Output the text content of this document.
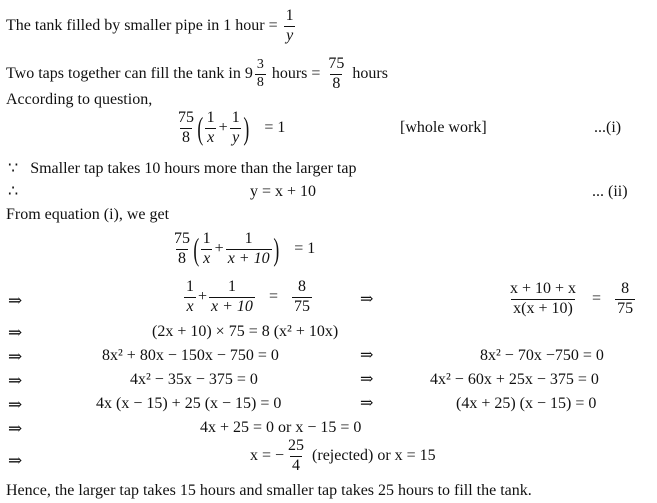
The tank filled by smaller pipe in 1 hour = $\frac{1}{y}$
Two taps together can fill the tank in $9 \frac{3}{8}$ hours = $\frac{75}{8}$ hours
According to question,
$\frac{75}{8}$ ( $\frac{1}{x} + \frac{1}{y}$ ) = 1	[whole work]	...(i)
∵ Smaller tap takes 10 hours more than the larger tap
∴	y = x + 10	... (ii)
From equation (i), we get
$\frac{75}{8}$ ( $\frac{1}{x} + \frac{1}{x + 10}$ ) = 1
⇒	$\frac{1}{x} + \frac{1}{x + 10} = \frac{8}{75}$	⇒	$\frac{x + 10 + x}{x(x + 10)} = \frac{8}{75}$
⇒	(2x + 10) × 75 = 8 (x² + 10x)
⇒	8x² + 80x − 150x − 750 = 0	⇒	8x² − 70x −750 = 0
⇒	4x² − 35x − 375 = 0	⇒	4x² − 60x + 25x − 375 = 0
⇒	4x (x − 15) + 25 (x − 15) = 0	⇒	(4x + 25) (x − 15) = 0
⇒	4x + 25 = 0 or x − 15 = 0
⇒	x = − $\frac{25}{4}$ (rejected) or x = 15
Hence, the larger tap takes 15 hours and smaller tap takes 25 hours to fill the tank.
